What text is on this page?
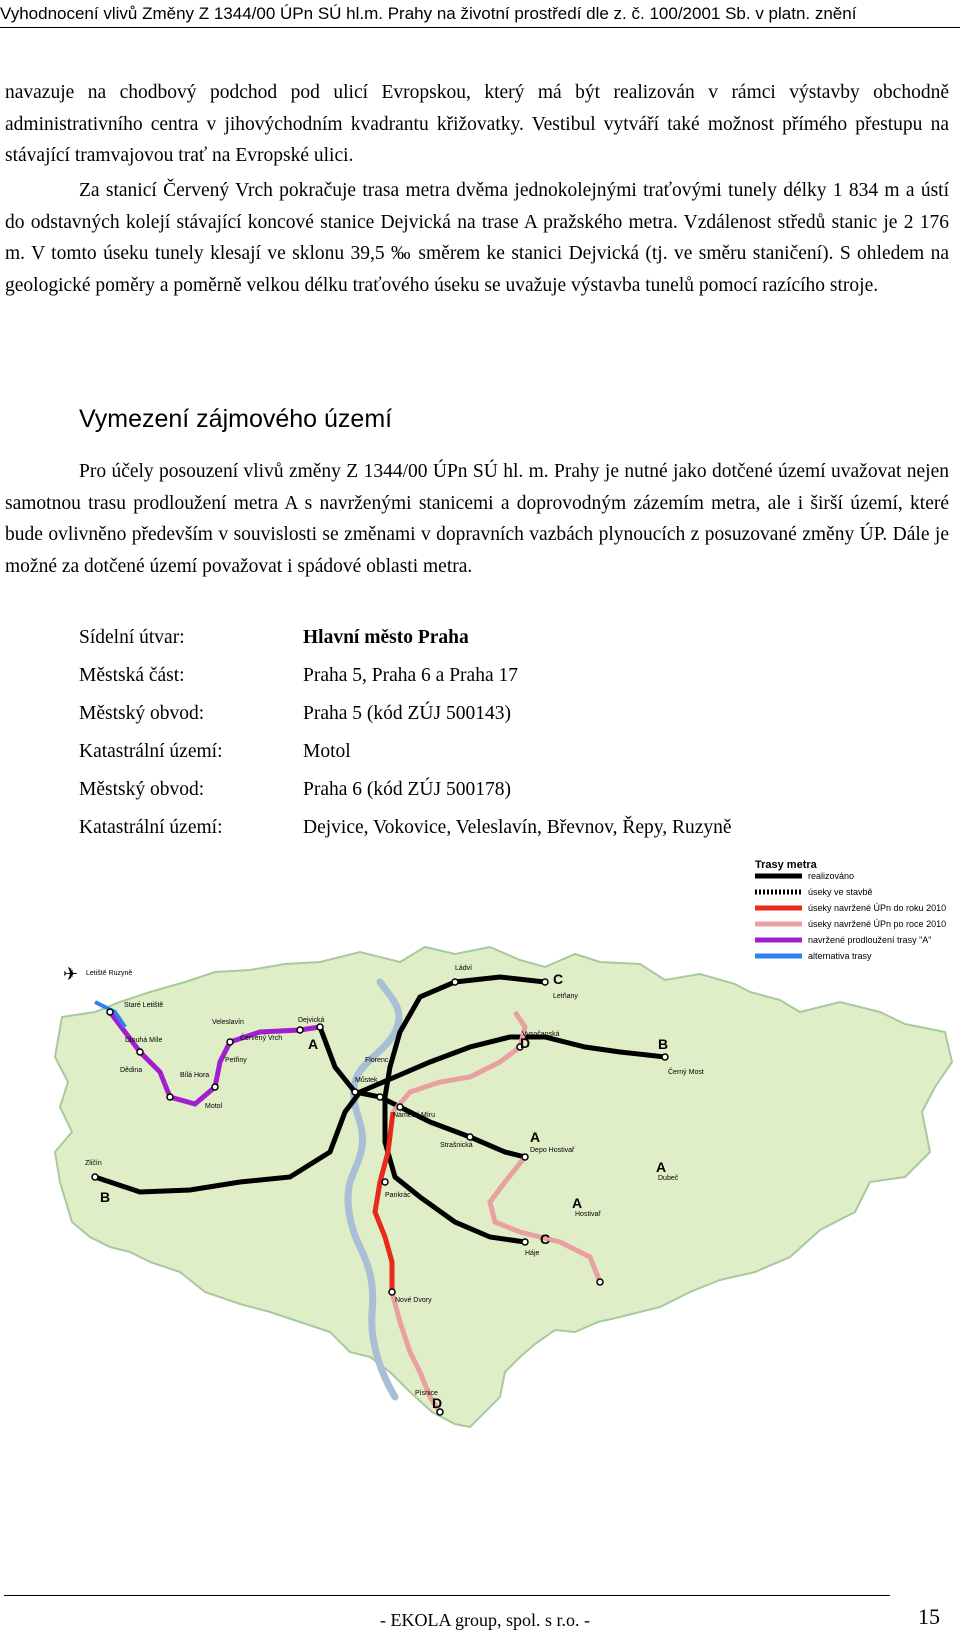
Vyhodnocení vlivů Změny Z 1344/00 ÚPn SÚ hl.m. Prahy na životní prostředí dle z. č. 100/2001 Sb. v platn. znění

navazuje na chodbový podchod pod ulicí Evropskou, který má být realizován v rámci výstavby obchodně administrativního centra v jihovýchodním kvadrantu křižovatky. Vestibul vytváří také možnost přímého přestupu na stávající tramvajovou trať na Evropské ulici.

Za stanicí Červený Vrch pokračuje trasa metra dvěma jednokolejnými traťovými tunely délky 1 834 m a ústí do odstavných kolejí stávající koncové stanice Dejvická na trase A pražského metra. Vzdálenost středů stanic je 2 176 m. V tomto úseku tunely klesají ve sklonu 39,5 ‰ směrem ke stanici Dejvická (tj. ve směru staničení). S ohledem na geologické poměry a poměrně velkou délku traťového úseku se uvažuje výstavba tunelů pomocí razícího stroje.

Vymezení zájmového území

Pro účely posouzení vlivů změny Z 1344/00 ÚPn SÚ hl. m. Prahy je nutné jako dotčené území uvažovat nejen samotnou trasu prodloužení metra A s navrženými stanicemi a doprovodným zázemím metra, ale i širší území, které bude ovlivněno především v souvislosti se změnami v dopravních vazbách plynoucích z posuzované změny ÚP. Dále je možné za dotčené území považovat i spádové oblasti metra.

Sídelní útvar:	Hlavní město Praha
Městská část:	Praha 5, Praha 6 a Praha 17
Městský obvod:	Praha 5 (kód ZÚJ 500143)
Katastrální území:	Motol
Městský obvod:	Praha 6 (kód ZÚJ 500178)
Katastrální území:	Dejvice, Vokovice, Veleslavín, Břevnov, Řepy, Ruzyně
✈ Letiště Ruzyně
Staré Letiště
Dlouhá Míle
Dědina
Bílá Hora
Motol
Veleslavín
Červený Vrch
Petřiny
Dejvická
Florenc
Můstek
Ládví
Letňany
Vysočanská
Černý Most
Náměstí Míru
Strašnická
Depo Hostivař
Dubeč
Hostivař
Zličín
Pankrác
Háje
Nové Dvory
Písnice
A
A
A
A
B
B
C
C
D
D
Trasy metra
realizováno
úseky ve stavbě
úseky navržené ÚPn do roku 2010
úseky navržené ÚPn po roce 2010
navržené prodloužení trasy "A"
alternativa trasy
- EKOLA group, spol. s r.o. -	15
